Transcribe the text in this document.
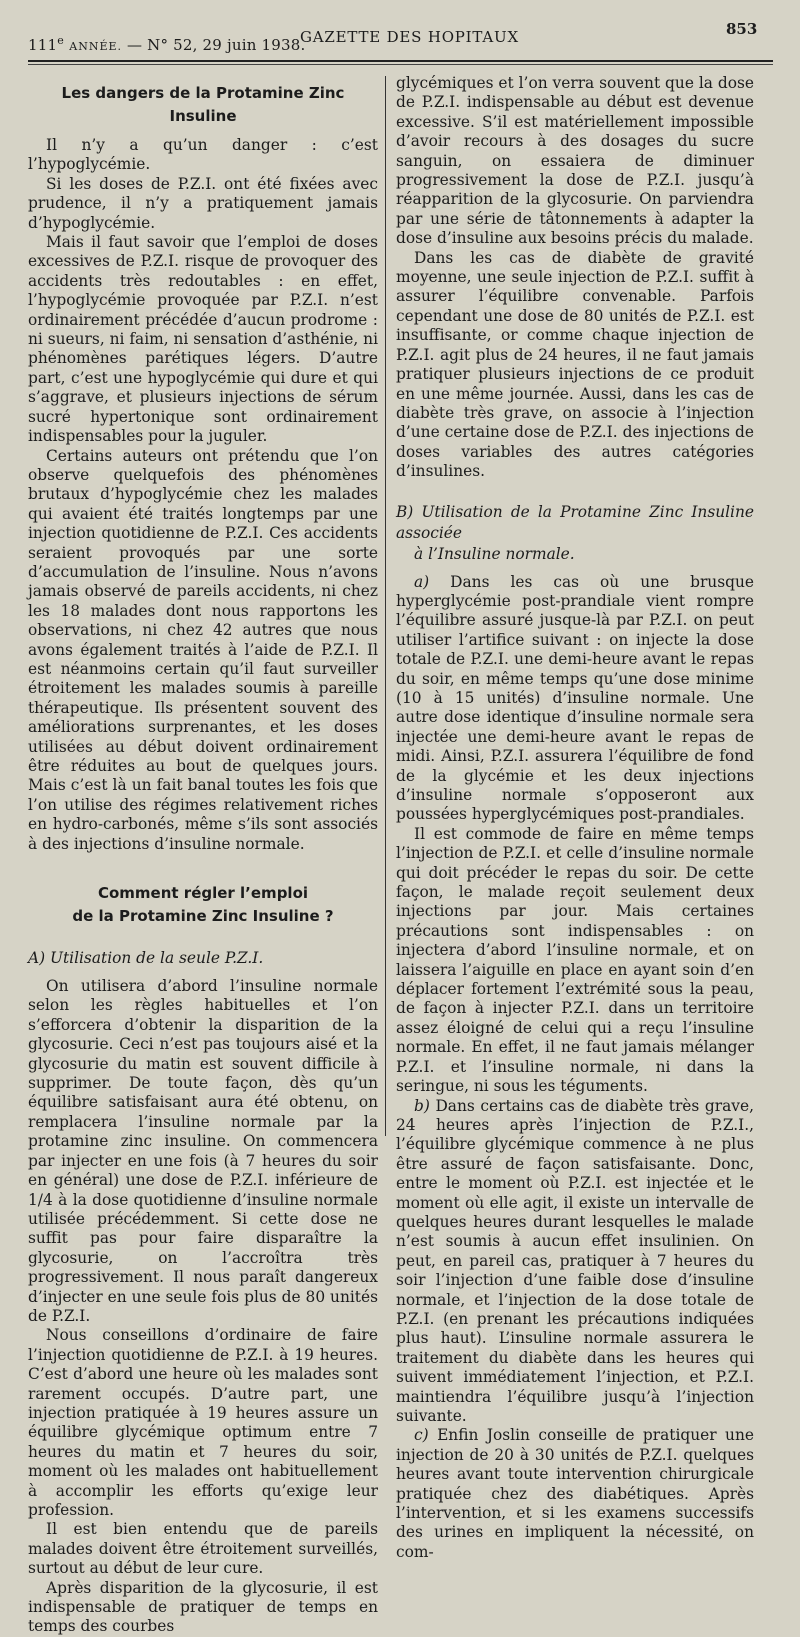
111e ANNÉE. — N° 52, 29 juin 1938.
GAZETTE DES HOPITAUX	853
Les dangers de la Protamine Zinc Insuline

Il n’y a qu’un danger : c’est l’hypoglycémie.

Si les doses de P.Z.I. ont été fixées avec prudence, il n’y a pratiquement jamais d’hypoglycémie.

Mais il faut savoir que l’emploi de doses excessives de P.Z.I. risque de provoquer des accidents très redoutables : en effet, l’hypoglycémie provoquée par P.Z.I. n’est ordinairement précédée d’aucun prodrome : ni sueurs, ni faim, ni sensation d’asthénie, ni phénomènes parétiques légers. D’autre part, c’est une hypoglycémie qui dure et qui s’aggrave, et plusieurs injections de sérum sucré hypertonique sont ordinairement indispensables pour la juguler.

Certains auteurs ont prétendu que l’on observe quelquefois des phénomènes brutaux d’hypoglycémie chez les malades qui avaient été traités longtemps par une injection quotidienne de P.Z.I. Ces accidents seraient provoqués par une sorte d’accumulation de l’insuline. Nous n’avons jamais observé de pareils accidents, ni chez les 18 malades dont nous rapportons les observations, ni chez 42 autres que nous avons également traités à l’aide de P.Z.I. Il est néanmoins certain qu’il faut surveiller étroitement les malades soumis à pareille thérapeutique. Ils présentent souvent des améliorations surprenantes, et les doses utilisées au début doivent ordinairement être réduites au bout de quelques jours. Mais c’est là un fait banal toutes les fois que l’on utilise des régimes relativement riches en hydro-carbonés, même s’ils sont associés à des injections d’insuline normale.

Comment régler l’emploi
de la Protamine Zinc Insuline ?
A) Utilisation de la seule P.Z.I.

On utilisera d’abord l’insuline normale selon les règles habituelles et l’on s’efforcera d’obtenir la disparition de la glycosurie. Ceci n’est pas toujours aisé et la glycosurie du matin est souvent difficile à supprimer. De toute façon, dès qu’un équilibre satisfaisant aura été obtenu, on remplacera l’insuline normale par la protamine zinc insuline. On commencera par injecter en une fois (à 7 heures du soir en général) une dose de P.Z.I. inférieure de 1/4 à la dose quotidienne d’insuline normale utilisée précédemment. Si cette dose ne suffit pas pour faire disparaître la glycosurie, on l’accroîtra très progressivement. Il nous paraît dangereux d’injecter en une seule fois plus de 80 unités de P.Z.I.

Nous conseillons d’ordinaire de faire l’injection quotidienne de P.Z.I. à 19 heures. C’est d’abord une heure où les malades sont rarement occupés. D’autre part, une injection pratiquée à 19 heures assure un équilibre glycémique optimum entre 7 heures du matin et 7 heures du soir, moment où les malades ont habituellement à accomplir les efforts qu’exige leur profession.

Il est bien entendu que de pareils malades doivent être étroitement surveillés, surtout au début de leur cure.

Après disparition de la glycosurie, il est indispensable de pratiquer de temps en temps des courbes

glycémiques et l’on verra souvent que la dose de P.Z.I. indispensable au début est devenue excessive. S’il est matériellement impossible d’avoir recours à des dosages du sucre sanguin, on essaiera de diminuer progressivement la dose de P.Z.I. jusqu’à réapparition de la glycosurie. On parviendra par une série de tâtonnements à adapter la dose d’insuline aux besoins précis du malade.

Dans les cas de diabète de gravité moyenne, une seule injection de P.Z.I. suffit à assurer l’équilibre convenable. Parfois cependant une dose de 80 unités de P.Z.I. est insuffisante, or comme chaque injection de P.Z.I. agit plus de 24 heures, il ne faut jamais pratiquer plusieurs injections de ce produit en une même journée. Aussi, dans les cas de diabète très grave, on associe à l’injection d’une certaine dose de P.Z.I. des injections de doses variables des autres catégories d’insulines.

B) Utilisation de la Protamine Zinc Insuline associée
à l’Insuline normale.

a) Dans les cas où une brusque hyperglycémie post-prandiale vient rompre l’équilibre assuré jusque-là par P.Z.I. on peut utiliser l’artifice suivant : on injecte la dose totale de P.Z.I. une demi-heure avant le repas du soir, en même temps qu’une dose minime (10 à 15 unités) d’insuline normale. Une autre dose identique d’insuline normale sera injectée une demi-heure avant le repas de midi. Ainsi, P.Z.I. assurera l’équilibre de fond de la glycémie et les deux injections d’insuline normale s’opposeront aux poussées hyperglycémiques post-prandiales.

Il est commode de faire en même temps l’injection de P.Z.I. et celle d’insuline normale qui doit précéder le repas du soir. De cette façon, le malade reçoit seulement deux injections par jour. Mais certaines précautions sont indispensables : on injectera d’abord l’insuline normale, et on laissera l’aiguille en place en ayant soin d’en déplacer fortement l’extrémité sous la peau, de façon à injecter P.Z.I. dans un territoire assez éloigné de celui qui a reçu l’insuline normale. En effet, il ne faut jamais mélanger P.Z.I. et l’insuline normale, ni dans la seringue, ni sous les téguments.

b) Dans certains cas de diabète très grave, 24 heures après l’injection de P.Z.I., l’équilibre glycémique commence à ne plus être assuré de façon satisfaisante. Donc, entre le moment où P.Z.I. est injectée et le moment où elle agit, il existe un intervalle de quelques heures durant lesquelles le malade n’est soumis à aucun effet insulinien. On peut, en pareil cas, pratiquer à 7 heures du soir l’injection d’une faible dose d’insuline normale, et l’injection de la dose totale de P.Z.I. (en prenant les précautions indiquées plus haut). L’insuline normale assurera le traitement du diabète dans les heures qui suivent immédiatement l’injection, et P.Z.I. maintiendra l’équilibre jusqu’à l’injection suivante.

c) Enfin Joslin conseille de pratiquer une injection de 20 à 30 unités de P.Z.I. quelques heures avant toute intervention chirurgicale pratiquée chez des diabétiques. Après l’intervention, et si les examens successifs des urines en impliquent la nécessité, on com-
